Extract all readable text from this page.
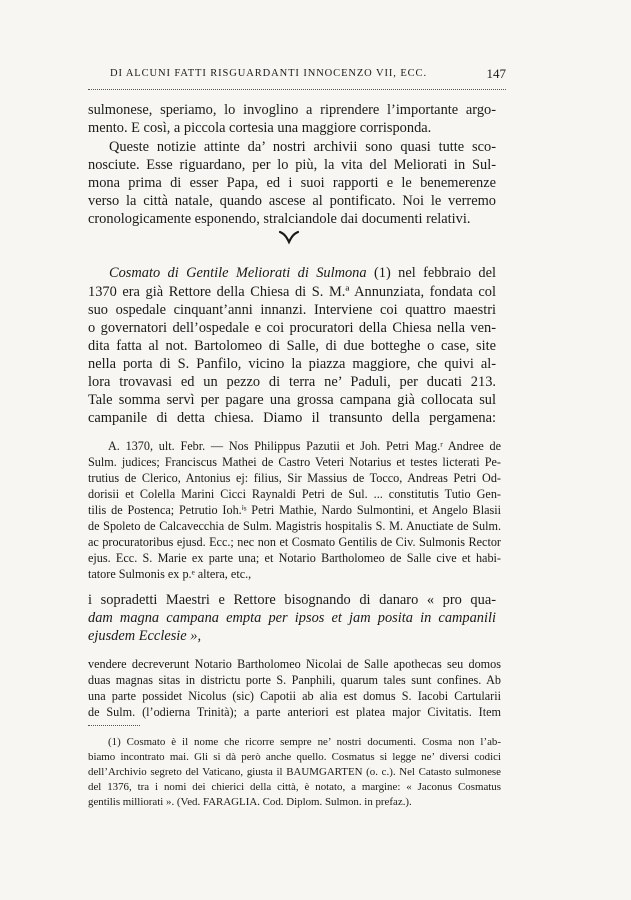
DI ALCUNI FATTI RISGUARDANTI INNOCENZO VII, ECC.	147

sulmonese, speriamo, lo invoglino a riprendere l’importante argo-

mento. E così, a piccola cortesia una maggiore corrisponda.

Queste notizie attinte da’ nostri archivii sono quasi tutte sco-

nosciute. Esse riguardano, per lo più, la vita del Meliorati in Sul-

mona prima di esser Papa, ed i suoi rapporti e le benemerenze

verso la città natale, quando ascese al pontificato. Noi le verremo

cronologicamente esponendo, stralciandole dai documenti relativi.

Cosmato di Gentile Meliorati di Sulmona (1) nel febbraio del

1370 era già Rettore della Chiesa di S. M.ª Annunziata, fondata col

suo ospedale cinquant’anni innanzi. Interviene coi quattro maestri

o governatori dell’ospedale e coi procuratori della Chiesa nella ven-

dita fatta al not. Bartolomeo di Salle, di due botteghe o case, site

nella porta di S. Panfilo, vicino la piazza maggiore, che quivi al-

lora trovavasi ed un pezzo di terra ne’ Paduli, per ducati 213.

Tale somma servì per pagare una grossa campana già collocata sul

campanile di detta chiesa. Diamo il transunto della pergamena:

A. 1370, ult. Febr. — Nos Philippus Pazutii et Joh. Petri Mag.ʳ Andree de

Sulm. judices; Franciscus Mathei de Castro Veteri Notarius et testes licterati Pe-

trutius de Clerico, Antonius ej: filius, Sir Massius de Tocco, Andreas Petri Od-

dorisii et Colella Marini Cicci Raynaldi Petri de Sul. ... constitutis Tutio Gen-

tilis de Postenca; Petrutio Ioh.ⁱˢ Petri Mathie, Nardo Sulmontini, et Angelo Blasii

de Spoleto de Calcavecchia de Sulm. Magistris hospitalis S. M. Anuctiate de Sulm.

ac procuratoribus ejusd. Ecc.; nec non et Cosmato Gentilis de Civ. Sulmonis Rector

ejus. Ecc. S. Marie ex parte una; et Notario Bartholomeo de Salle cive et habi-

tatore Sulmonis ex p.ᵉ altera, etc.,

i sopradetti Maestri e Rettore bisognando di danaro « pro qua-

dam magna campana empta per ipsos et jam posita in campanili

ejusdem Ecclesie »,

vendere decreverunt Notario Bartholomeo Nicolai de Salle apothecas seu domos

duas magnas sitas in districtu porte S. Panphili, quarum tales sunt confines. Ab

una parte possidet Nicolus (sic) Capotii ab alia est domus S. Iacobi Cartularii

de Sulm. (l’odierna Trinità); a parte anteriori est platea major Civitatis. Item

(1) Cosmato è il nome che ricorre sempre ne’ nostri documenti. Cosma non l’ab-

biamo incontrato mai. Gli si dà però anche quello. Cosmatus si legge ne’ diversi codici

dell’Archivio segreto del Vaticano, giusta il BAUMGARTEN (o. c.). Nel Catasto sulmonese

del 1376, tra i nomi dei chierici della città, è notato, a margine: « Jaconus Cosmatus

gentilis milliorati ». (Ved. FARAGLIA. Cod. Diplom. Sulmon. in prefaz.).
